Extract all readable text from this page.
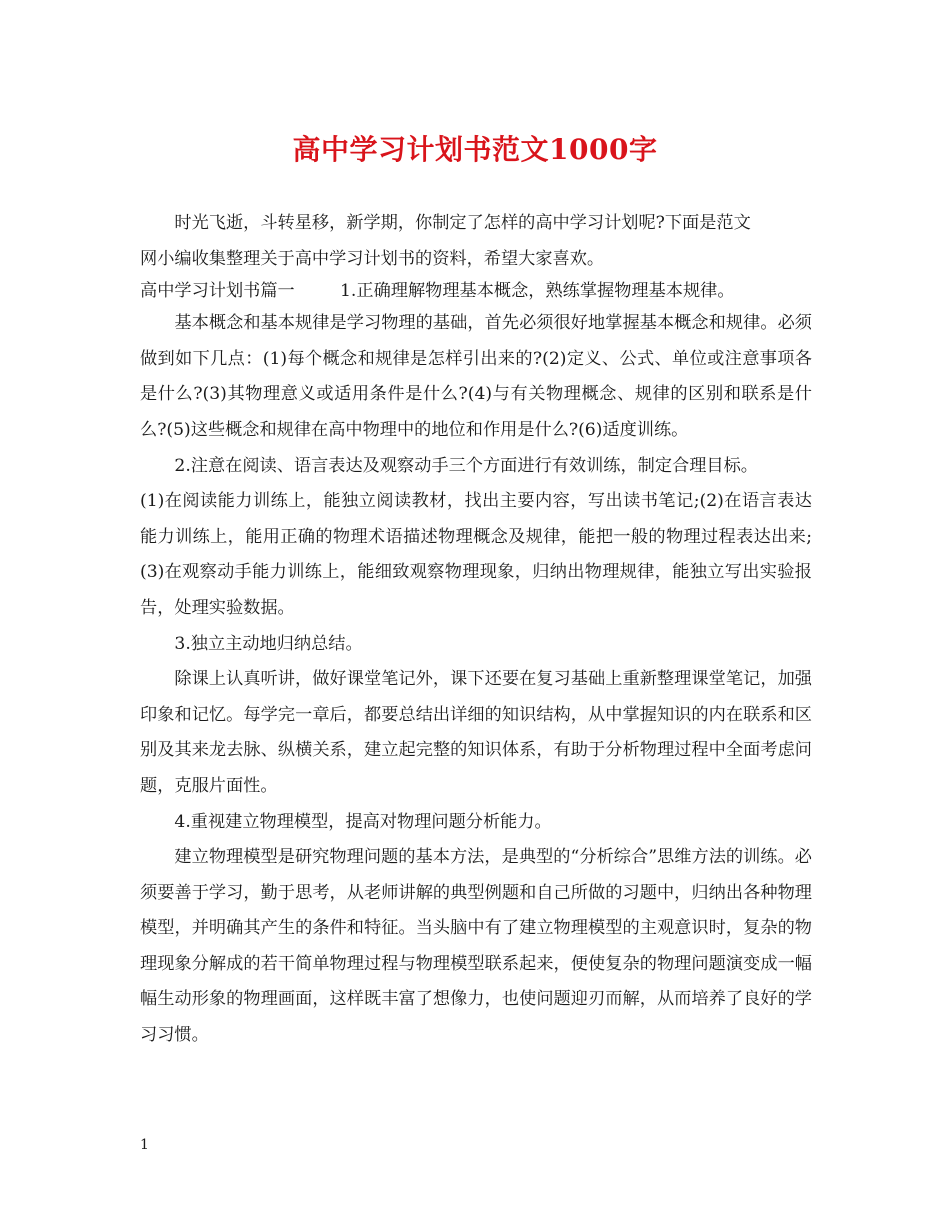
高中学习计划书范文1000字

时光飞逝，斗转星移，新学期，你制定了怎样的高中学习计划呢?下面是范文

网小编收集整理关于高中学习计划书的资料，希望大家喜欢。

高中学习计划书篇一	1.正确理解物理基本概念，熟练掌握物理基本规律。

基本概念和基本规律是学习物理的基础，首先必须很好地掌握基本概念和规律。必须做到如下几点：(1)每个概念和规律是怎样引出来的?(2)定义、公式、单位或注意事项各是什么?(3)其物理意义或适用条件是什么?(4)与有关物理概念、规律的区别和联系是什么?(5)这些概念和规律在高中物理中的地位和作用是什么?(6)适度训练。

2.注意在阅读、语言表达及观察动手三个方面进行有效训练，制定合理目标。

(1)在阅读能力训练上，能独立阅读教材，找出主要内容，写出读书笔记;(2)在语言表达能力训练上，能用正确的物理术语描述物理概念及规律，能把一般的物理过程表达出来;(3)在观察动手能力训练上，能细致观察物理现象，归纳出物理规律，能独立写出实验报告，处理实验数据。

3.独立主动地归纳总结。

除课上认真听讲，做好课堂笔记外，课下还要在复习基础上重新整理课堂笔记，加强印象和记忆。每学完一章后，都要总结出详细的知识结构，从中掌握知识的内在联系和区别及其来龙去脉、纵横关系，建立起完整的知识体系，有助于分析物理过程中全面考虑问题，克服片面性。

4.重视建立物理模型，提高对物理问题分析能力。

建立物理模型是研究物理问题的基本方法，是典型的“分析综合”思维方法的训练。必须要善于学习，勤于思考，从老师讲解的典型例题和自己所做的习题中，归纳出各种物理模型，并明确其产生的条件和特征。当头脑中有了建立物理模型的主观意识时，复杂的物理现象分解成的若干简单物理过程与物理模型联系起来，便使复杂的物理问题演变成一幅幅生动形象的物理画面，这样既丰富了想像力，也使问题迎刃而解，从而培养了良好的学习习惯。

1
